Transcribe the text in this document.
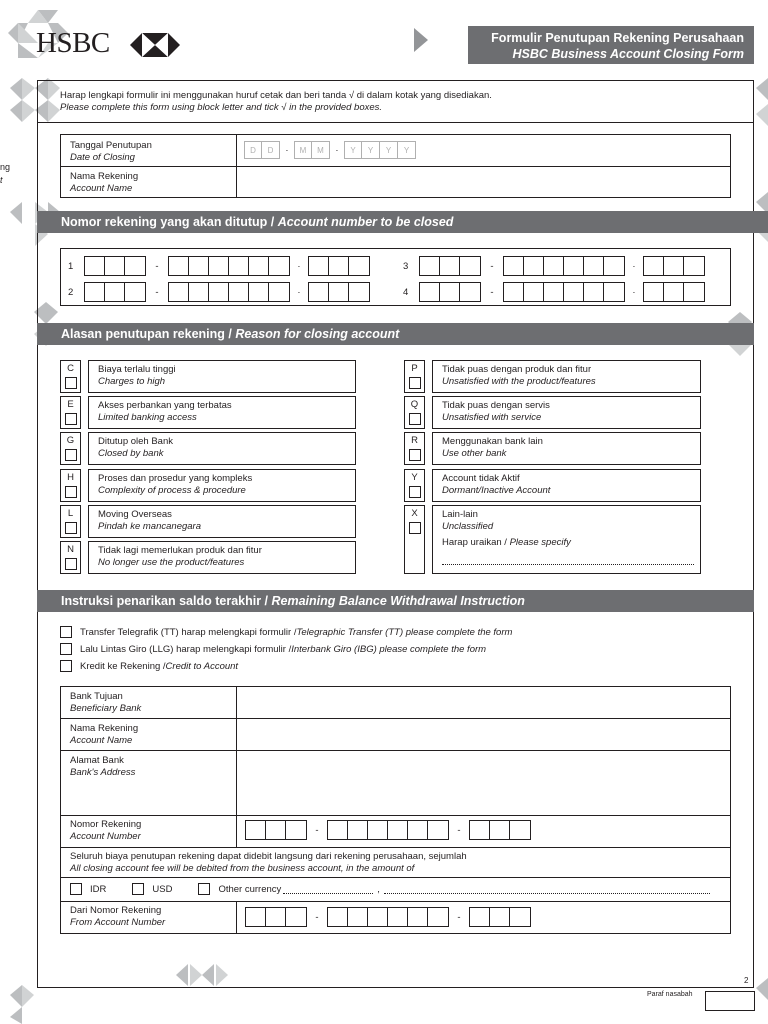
HSBC	Formulir Penutupan Rekening Perusahaan
HSBC Business Account Closing Form
ng
t
Harap lengkapi formulir ini menggunakan huruf cetak dan beri tanda √ di dalam kotak yang disediakan.
Please complete this form using block letter and tick √ in the provided boxes.
Tanggal Penutupan
Date of Closing
D	D	·	M	M	·	Y	Y	Y	Y
Nama Rekening
Account Name
Nomor rekening yang akan ditutup / Account number to be closed
1	-	·
2	-	·
3	-	·
4	-	·
Alasan penutupan rekening / Reason for closing account
C	Biaya terlalu tinggi
Charges to high
E	Akses perbankan yang terbatas
Limited banking access
G	Ditutup oleh Bank
Closed by bank
H	Proses dan prosedur yang kompleks
Complexity of process & procedure
L	Moving Overseas
Pindah ke mancanegara
N	Tidak lagi memerlukan produk dan fitur
No longer use the product/features
P	Tidak puas dengan produk dan fitur
Unsatisfied with the product/features
Q	Tidak puas dengan servis
Unsatisfied with service
R	Menggunakan bank lain
Use other bank
Y	Account tidak Aktif
Dormant/Inactive Account
X	Lain-lain
Unclassified
Harap uraikan / Please specify
Instruksi penarikan saldo terakhir / Remaining Balance Withdrawal Instruction
Transfer Telegrafik (TT) harap melengkapi formulir / Telegraphic Transfer (TT) please complete the form
Lalu Lintas Giro (LLG) harap melengkapi formulir / Interbank Giro (IBG) please complete the form
Kredit ke Rekening / Credit to Account
Bank Tujuan
Beneficiary Bank
Nama Rekening
Account Name
Alamat Bank
Bank's Address
Nomor Rekening
Account Number
-	-
Seluruh biaya penutupan rekening dapat didebit langsung dari rekening perusahaan, sejumlah
All closing account fee will be debited from the business account, in the amount of
IDR	USD	Other currency	,
Dari Nomor Rekening
From Account Number	-	-
2
Paraf nasabah
